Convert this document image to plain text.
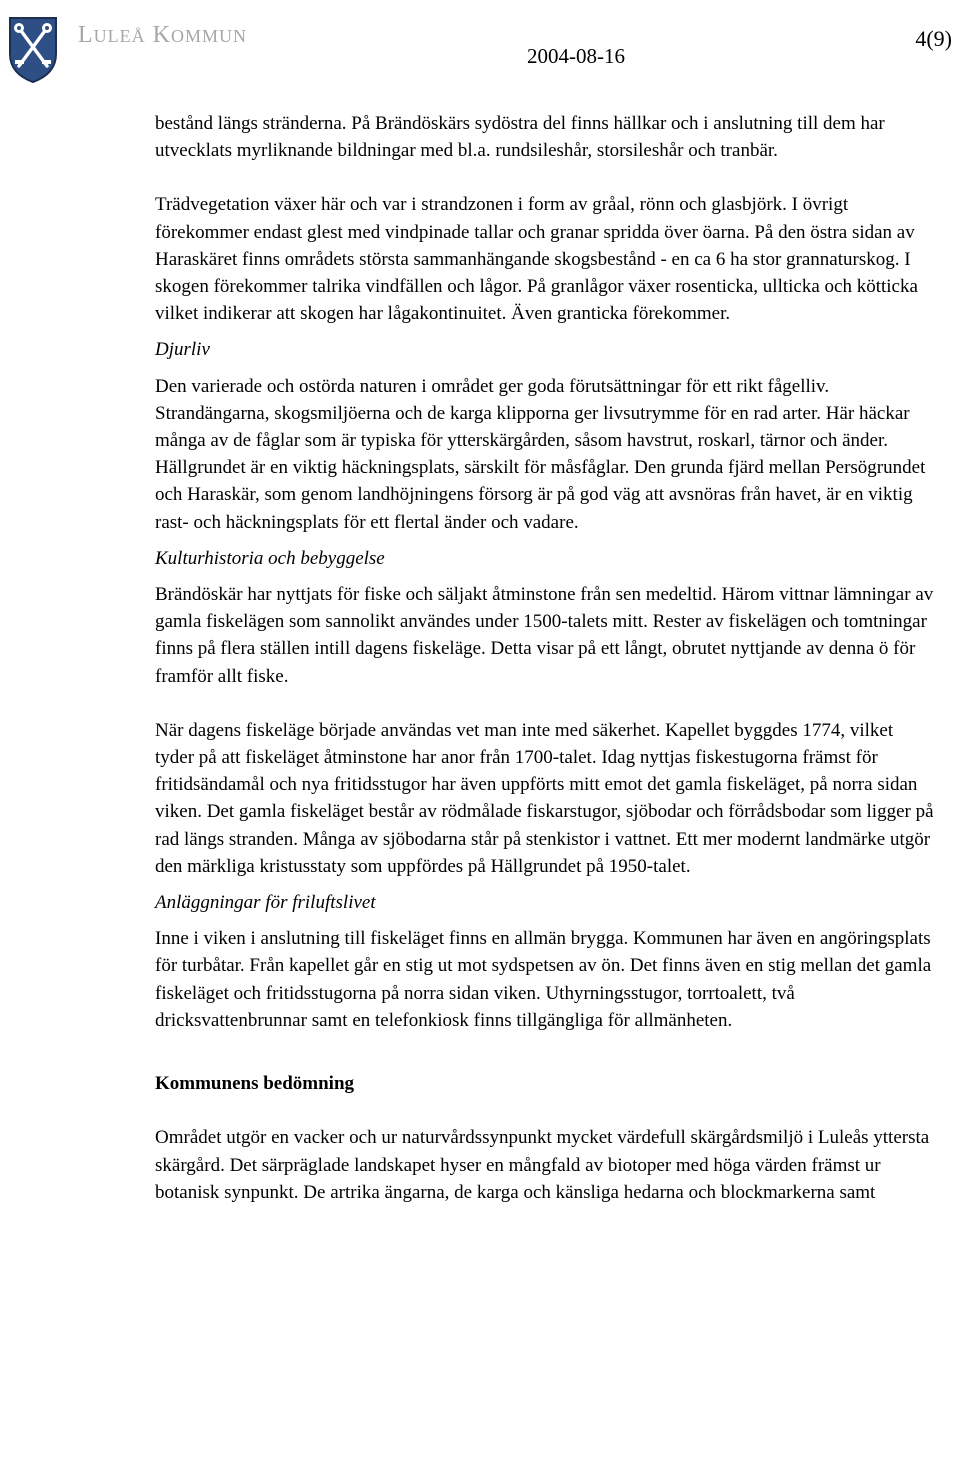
LULEÅ KOMMUN	4(9)
2004-08-16

bestånd längs stränderna. På Brändöskärs sydöstra del finns hällkar och i anslutning till dem har utvecklats myrliknande bildningar med bl.a. rundsileshår, storsileshår och tranbär.

Trädvegetation växer här och var i strandzonen i form av gråal, rönn och glasbjörk. I övrigt förekommer endast glest med vindpinade tallar och granar spridda över öarna. På den östra sidan av Haraskäret finns områdets största sammanhängande skogsbestånd - en ca 6 ha stor grannaturskog. I skogen förekommer talrika vindfällen och lågor. På granlågor växer rosenticka, ullticka och kötticka vilket indikerar att skogen har lågakontinuitet. Även granticka förekommer.

Djurliv

Den varierade och ostörda naturen i området ger goda förutsättningar för ett rikt fågelliv. Strandängarna, skogsmiljöerna och de karga klipporna ger livsutrymme för en rad arter. Här häckar många av de fåglar som är typiska för ytterskärgården, såsom havstrut, roskarl, tärnor och änder. Hällgrundet är en viktig häckningsplats, särskilt för måsfåglar. Den grunda fjärd mellan Persögrundet och Haraskär, som genom landhöjningens försorg är på god väg att avsnöras från havet, är en viktig rast- och häckningsplats för ett flertal änder och vadare.

Kulturhistoria och bebyggelse

Brändöskär har nyttjats för fiske och säljakt åtminstone från sen medeltid. Härom vittnar lämningar av gamla fiskelägen som sannolikt användes under 1500-talets mitt. Rester av fiskelägen och tomtningar finns på flera ställen intill dagens fiskeläge. Detta visar på ett långt, obrutet nyttjande av denna ö för framför allt fiske.

När dagens fiskeläge började användas vet man inte med säkerhet. Kapellet byggdes 1774, vilket tyder på att fiskeläget åtminstone har anor från 1700-talet. Idag nyttjas fiskestugorna främst för fritidsändamål och nya fritidsstugor har även uppförts mitt emot det gamla fiskeläget, på norra sidan viken. Det gamla fiskeläget består av rödmålade fiskarstugor, sjöbodar och förrådsbodar som ligger på rad längs stranden. Många av sjöbodarna står på stenkistor i vattnet. Ett mer modernt landmärke utgör den märkliga kristusstaty som uppfördes på Hällgrundet på 1950-talet.

Anläggningar för friluftslivet

Inne i viken i anslutning till fiskeläget finns en allmän brygga. Kommunen har även en angöringsplats för turbåtar. Från kapellet går en stig ut mot sydspetsen av ön. Det finns även en stig mellan det gamla fiskeläget och fritidsstugorna på norra sidan viken. Uthyrningsstugor, torrtoalett, två dricksvattenbrunnar samt en telefonkiosk finns tillgängliga för allmänheten.

Kommunens bedömning

Området utgör en vacker och ur naturvårdssynpunkt mycket värdefull skärgårdsmiljö i Luleås yttersta skärgård. Det särpräglade landskapet hyser en mångfald av biotoper med höga värden främst ur botanisk synpunkt. De artrika ängarna, de karga och känsliga hedarna och blockmarkerna samt
